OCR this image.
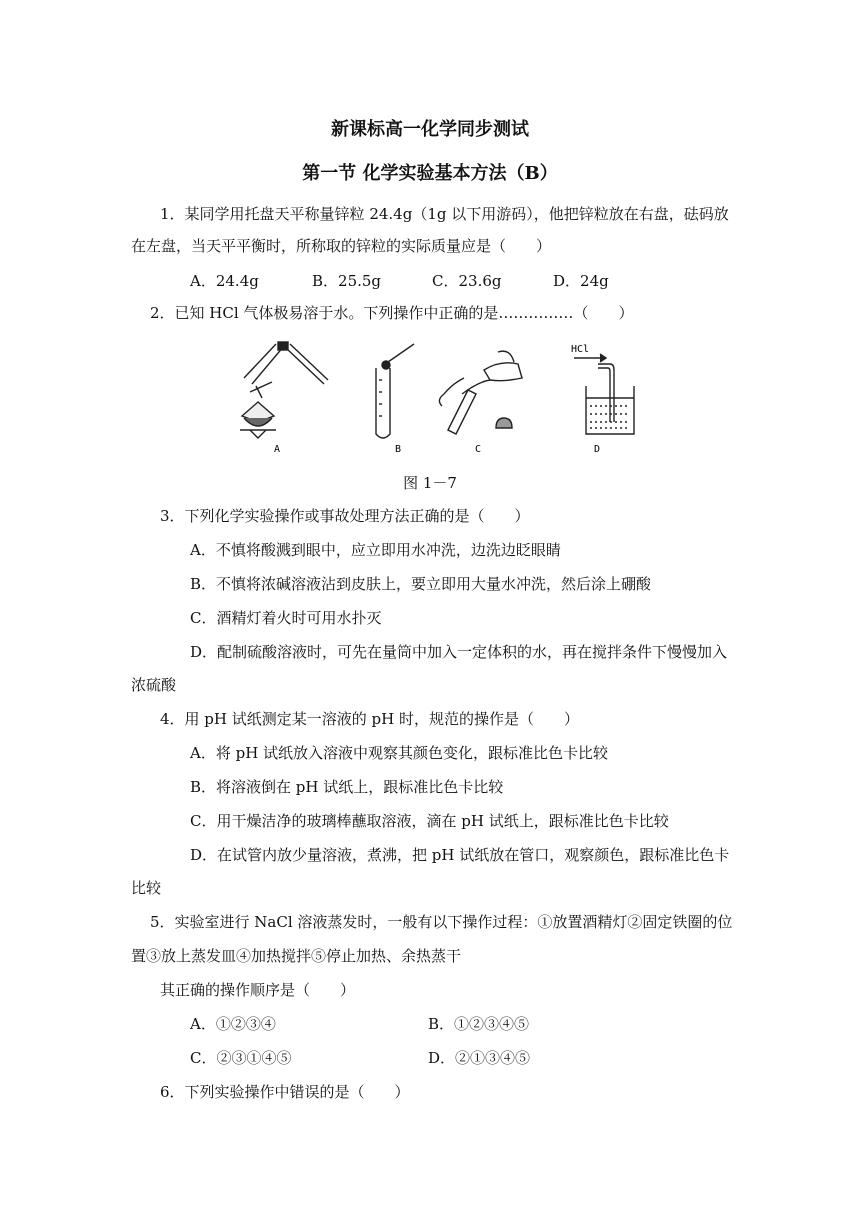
新课标高一化学同步测试
第一节 化学实验基本方法（B）
1．某同学用托盘天平称量锌粒 24.4g（1g 以下用游码），他把锌粒放在右盘，砝码放
在左盘，当天平平衡时，所称取的锌粒的实际质量应是（　　）
A．24.4g	B．25.5g	C．23.6g	D．24g
2．已知 HCl 气体极易溶于水。下列操作中正确的是……………（　　）
A	B	C	D
HCl
图 1－7
3．下列化学实验操作或事故处理方法正确的是（　　）
A．不慎将酸溅到眼中，应立即用水冲洗，边洗边眨眼睛
B．不慎将浓碱溶液沾到皮肤上，要立即用大量水冲洗，然后涂上硼酸
C．酒精灯着火时可用水扑灭
D．配制硫酸溶液时，可先在量筒中加入一定体积的水，再在搅拌条件下慢慢加入
浓硫酸
4．用 pH 试纸测定某一溶液的 pH 时，规范的操作是（　　）
A．将 pH 试纸放入溶液中观察其颜色变化，跟标准比色卡比较
B．将溶液倒在 pH 试纸上，跟标准比色卡比较
C．用干燥洁净的玻璃棒蘸取溶液，滴在 pH 试纸上，跟标准比色卡比较
D．在试管内放少量溶液，煮沸，把 pH 试纸放在管口，观察颜色，跟标准比色卡
比较
5．实验室进行 NaCl 溶液蒸发时，一般有以下操作过程：①放置酒精灯②固定铁圈的位
置③放上蒸发皿④加热搅拌⑤停止加热、余热蒸干
其正确的操作顺序是（　　）
A．①②③④	B．①②③④⑤
C．②③①④⑤	D．②①③④⑤
6．下列实验操作中错误的是（　　）
